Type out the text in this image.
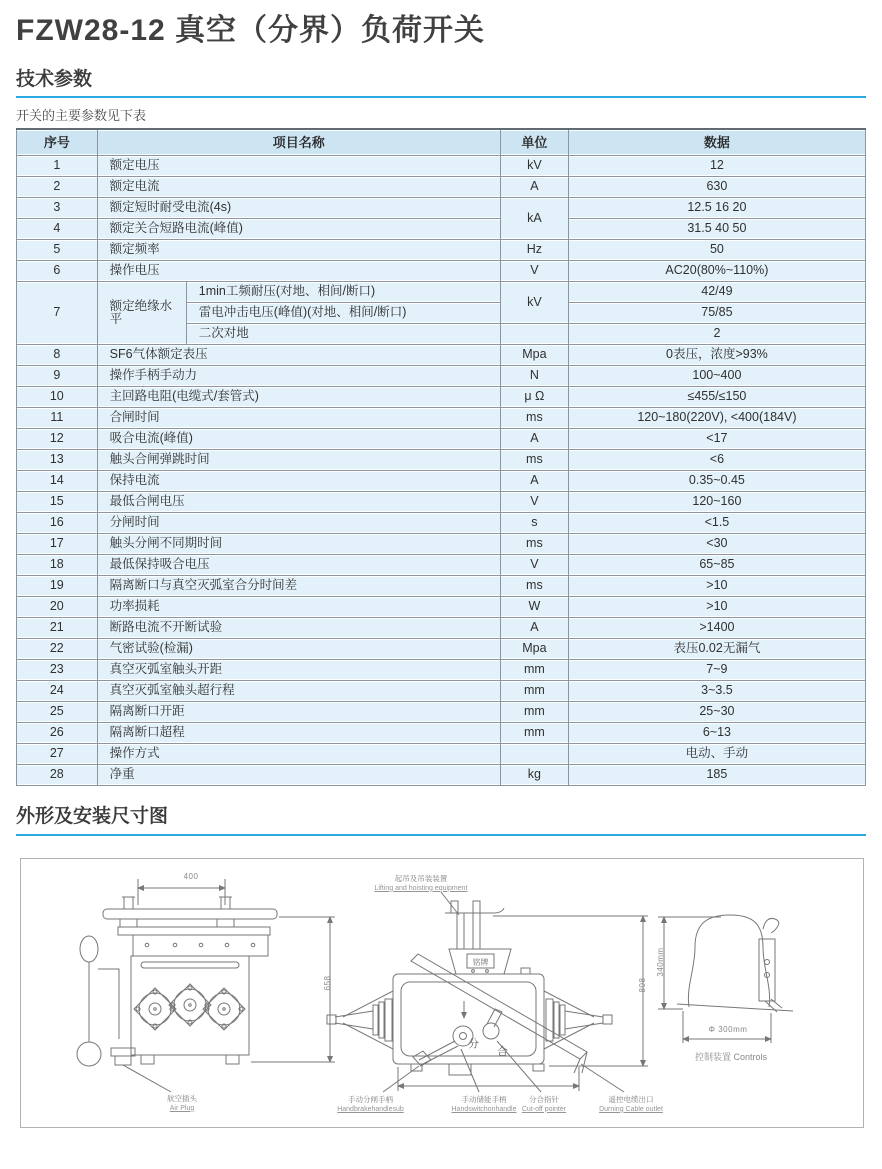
FZW28-12 真空（分界）负荷开关
技术参数

开关的主要参数见下表

序号	项目名称		单位	数据
1	额定电压		kV	12
2	额定电流		A	630
3	额定短时耐受电流(4s)		kA	12.5 16 20
4	额定关合短路电流(峰值)			31.5 40 50
5	额定频率		Hz	50
6	操作电压		V	AC20(80%~110%)
7	额定绝缘水平	1min工频耐压(对地、相间/断口)	kV	42/49
		雷电冲击电压(峰值)(对地、相间/断口)		75/85
		二次对地		2
8	SF6气体额定表压		Mpa	0表压，浓度>93%
9	操作手柄手动力		N	100~400
10	主回路电阻(电缆式/套管式)		μ Ω	≤455/≤150
11	合闸时间		ms	120~180(220V), <400(184V)
12	吸合电流(峰值)		A	<17
13	触头合闸弹跳时间		ms	<6
14	保持电流		A	0.35~0.45
15	最低合闸电压		V	120~160
16	分闸时间		s	<1.5
17	触头分闸不同期时间		ms	<30
18	最低保持吸合电压		V	65~85
19	隔离断口与真空灭弧室合分时间差		ms	>10
20	功率损耗		W	>10
21	断路电流不开断试验		A	>1400
22	气密试验(检漏)		Mpa	表压0.02无漏气
23	真空灭弧室触头开距		mm	7~9
24	真空灭弧室触头超行程		mm	3~3.5
25	隔离断口开距		mm	25~30
26	隔离断口超程		mm	6~13
27	操作方式			电动、手动
28	净重		kg	185
外形及安装尺寸图
400
658
航空插头
Air Plug
起吊及吊装装置
Lifting and hoisting equipment
铭牌
分
合
808
手动分闸手柄
Handbrakehandlesub
手动储能手柄
Handswitchonhandle
分合指针
Cut-off pointer
遥控电缆出口
Durning Cable outlet
340mm
Φ 300mm
控制装置 Controls
